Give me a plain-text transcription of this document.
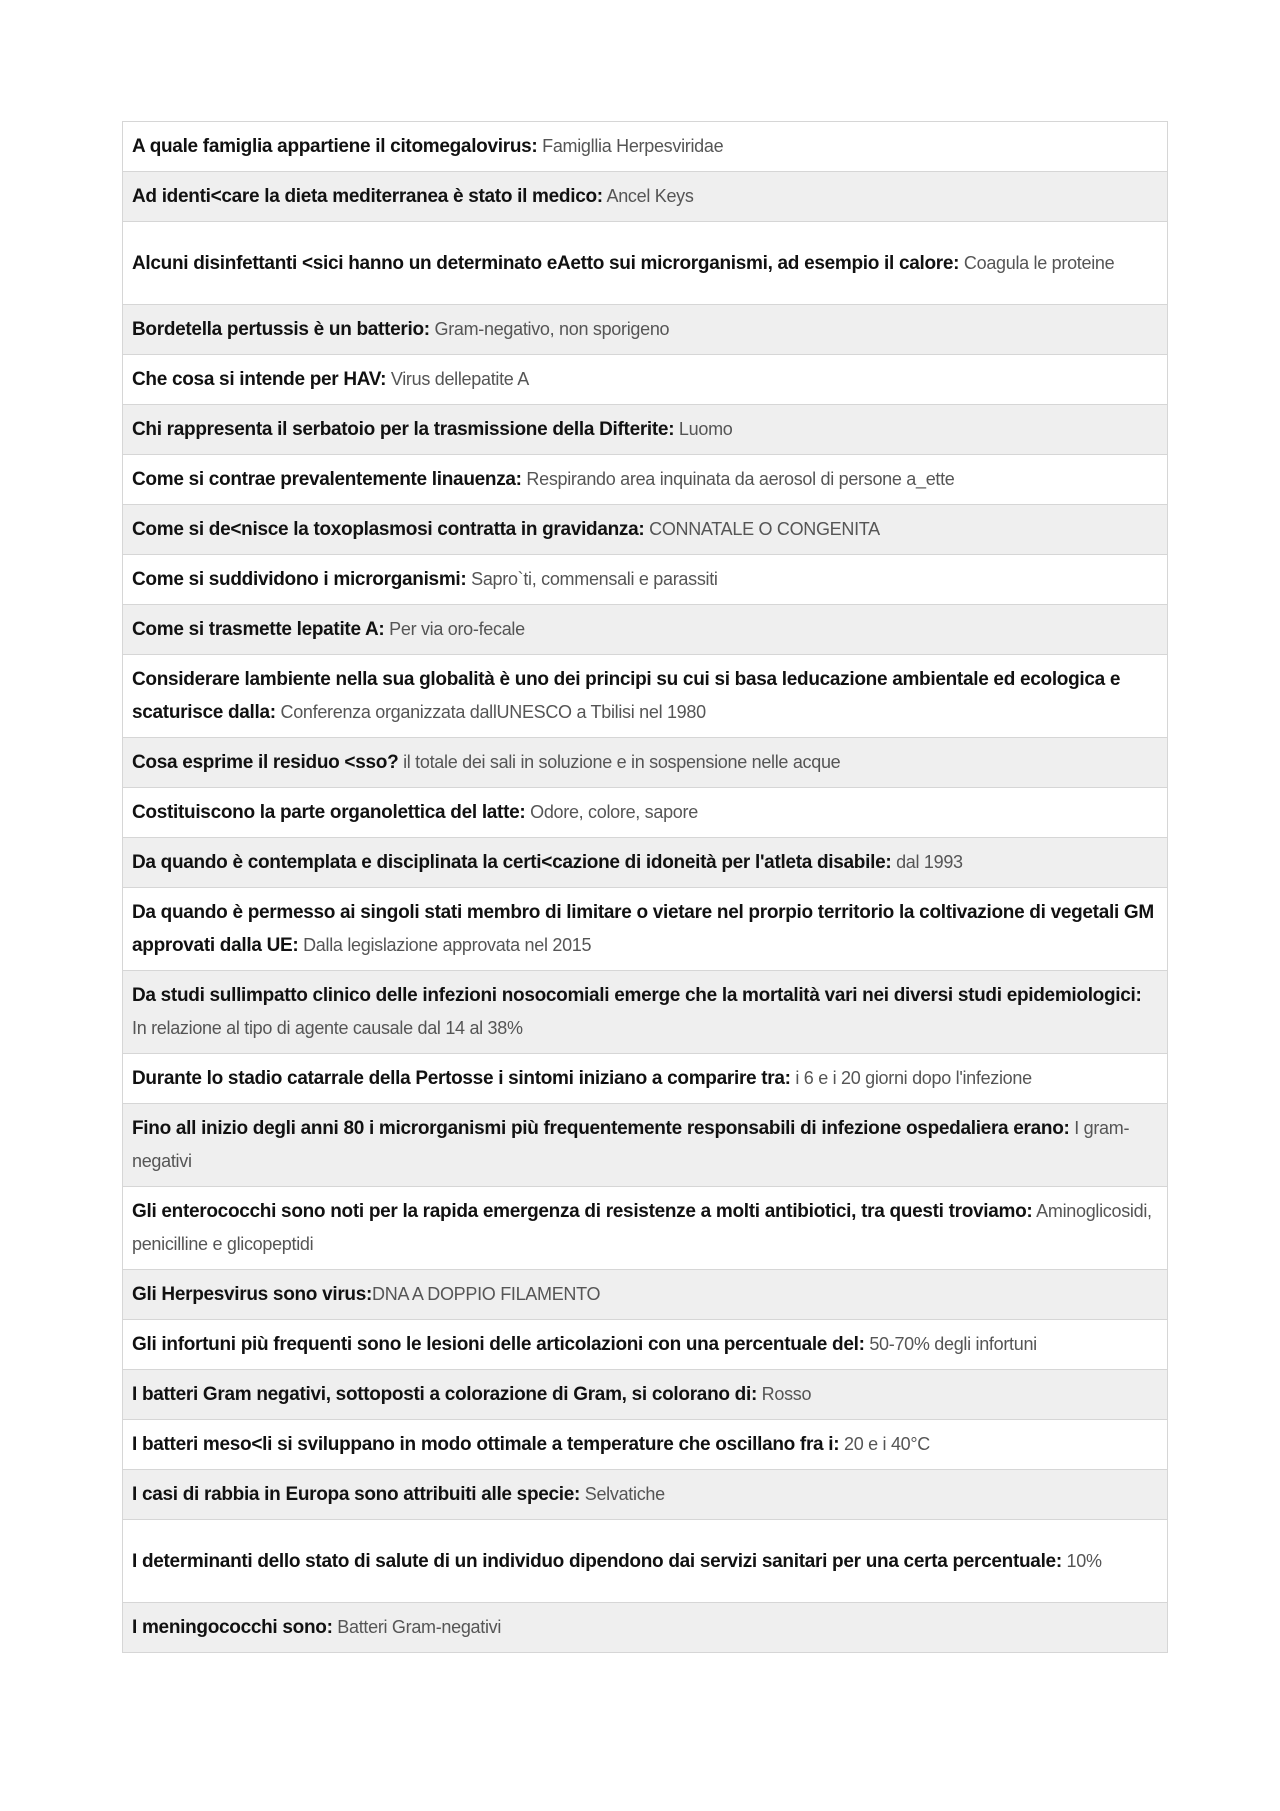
A quale famiglia appartiene il citomegalovirus: Famigllia Herpesviridae
Ad identi<care la dieta mediterranea è stato il medico: Ancel Keys
Alcuni disinfettanti <sici hanno un determinato eAetto sui microrganismi, ad esempio il calore: Coagula le proteine
Bordetella pertussis è un batterio: Gram-negativo, non sporigeno
Che cosa si intende per HAV: Virus dellepatite A
Chi rappresenta il serbatoio per la trasmissione della Difterite: Luomo
Come si contrae prevalentemente linauenza: Respirando area inquinata da aerosol di persone a_ette
Come si de<nisce la toxoplasmosi contratta in gravidanza: CONNATALE O CONGENITA
Come si suddividono i microrganismi: Sapro`ti, commensali e parassiti
Come si trasmette lepatite A: Per via oro-fecale
Considerare lambiente nella sua globalità è uno dei principi su cui si basa leducazione ambientale ed ecologica e scaturisce dalla: Conferenza organizzata dallUNESCO a Tbilisi nel 1980
Cosa esprime il residuo <sso? il totale dei sali in soluzione e in sospensione nelle acque
Costituiscono la parte organolettica del latte: Odore, colore, sapore
Da quando è contemplata e disciplinata la certi<cazione di idoneità per l'atleta disabile: dal 1993
Da quando è permesso ai singoli stati membro di limitare o vietare nel prorpio territorio la coltivazione di vegetali GM approvati dalla UE: Dalla legislazione approvata nel 2015
Da studi sullimpatto clinico delle infezioni nosocomiali emerge che la mortalità vari nei diversi studi epidemiologici: In relazione al tipo di agente causale dal 14 al 38%
Durante lo stadio catarrale della Pertosse i sintomi iniziano a comparire tra: i 6 e i 20 giorni dopo l'infezione
Fino all inizio degli anni 80 i microrganismi più frequentemente responsabili di infezione ospedaliera erano: I gram-negativi
Gli enterococchi sono noti per la rapida emergenza di resistenze a molti antibiotici, tra questi troviamo: Aminoglicosidi, penicilline e glicopeptidi
Gli Herpesvirus sono virus:DNA A DOPPIO FILAMENTO
Gli infortuni più frequenti sono le lesioni delle articolazioni con una percentuale del: 50-70% degli infortuni
I batteri Gram negativi, sottoposti a colorazione di Gram, si colorano di: Rosso
I batteri meso<li si sviluppano in modo ottimale a temperature che oscillano fra i: 20 e i 40°C
I casi di rabbia in Europa sono attribuiti alle specie: Selvatiche
I determinanti dello stato di salute di un individuo dipendono dai servizi sanitari per una certa percentuale: 10%
I meningococchi sono: Batteri Gram-negativi
